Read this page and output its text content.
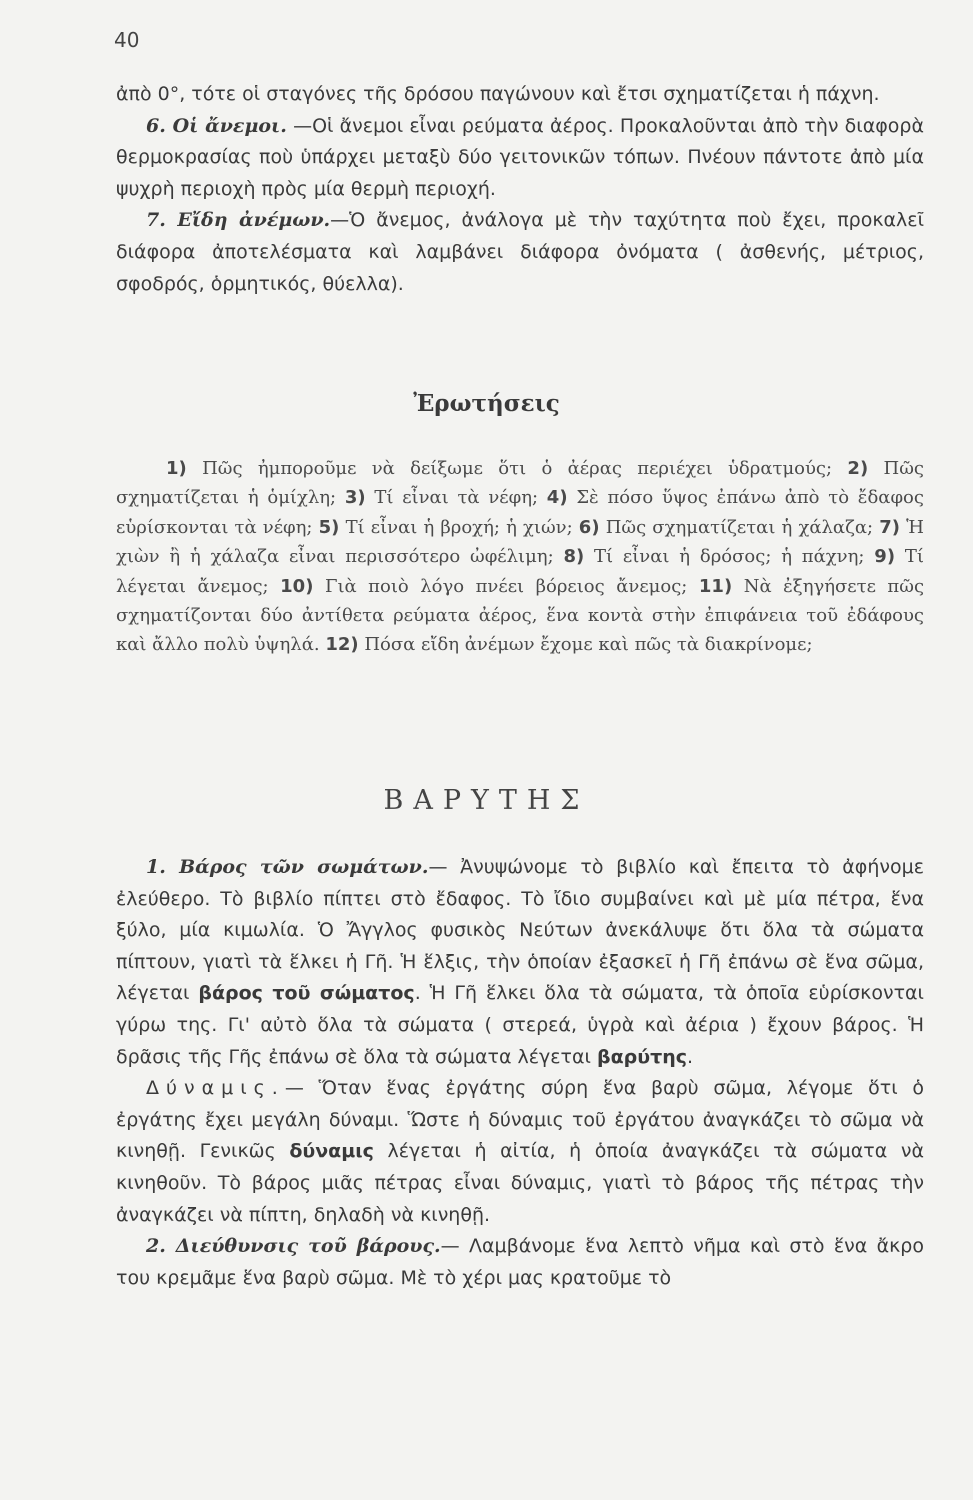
40
ἀπὸ 0°, τότε οἱ σταγόνες τῆς δρόσου παγώνουν καὶ ἔτσι σχηματίζεται ἡ πάχνη.
6. Οἱ ἄνεμοι. —Οἱ ἄνεμοι εἶναι ρεύματα ἀέρος. Προκαλοῦνται ἀπὸ τὴν διαφορὰ θερμοκρασίας ποὺ ὑπάρχει μεταξὺ δύο γειτονικῶν τόπων. Πνέουν πάντοτε ἀπὸ μία ψυχρὴ περιοχὴ πρὸς μία θερμὴ περιοχή.
7. Εἴδη ἀνέμων.—Ὁ ἄνεμος, ἀνάλογα μὲ τὴν ταχύτητα ποὺ ἔχει, προκαλεῖ διάφορα ἀποτελέσματα καὶ λαμβάνει διάφορα ὀνόματα ( ἀσθενής, μέτριος, σφοδρός, ὁρμητικός, θύελλα).
Ἐρωτήσεις
1) Πῶς ἠμποροῦμε νὰ δείξωμε ὅτι ὁ ἀέρας περιέχει ὑδρατμούς; 2) Πῶς σχηματίζεται ἡ ὁμίχλη; 3) Τί εἶναι τὰ νέφη; 4) Σὲ πόσο ὕψος ἐπάνω ἀπὸ τὸ ἔδαφος εὑρίσκονται τὰ νέφη; 5) Τί εἶναι ἡ βροχή; ἡ χιών; 6) Πῶς σχηματίζεται ἡ χάλαζα; 7) Ἡ χιὼν ἢ ἡ χάλαζα εἶναι περισσότερο ὠφέλιμη; 8) Τί εἶναι ἡ δρόσος; ἡ πάχνη; 9) Τί λέγεται ἄνεμος; 10) Γιὰ ποιὸ λόγο πνέει βόρειος ἄνεμος; 11) Νὰ ἐξηγήσετε πῶς σχηματίζονται δύο ἀντίθετα ρεύματα ἀέρος, ἕνα κοντὰ στὴν ἐπιφάνεια τοῦ ἐδάφους καὶ ἄλλο πολὺ ὑψηλά. 12) Πόσα εἴδη ἀνέμων ἔχομε καὶ πῶς τὰ διακρίνομε;
ΒΑΡΥΤΗΣ
1. Βάρος τῶν σωμάτων.— Ἀνυψώνομε τὸ βιβλίο καὶ ἔπειτα τὸ ἀφήνομε ἐλεύθερο. Τὸ βιβλίο πίπτει στὸ ἔδαφος. Τὸ ἴδιο συμβαίνει καὶ μὲ μία πέτρα, ἕνα ξύλο, μία κιμωλία. Ὁ Ἄγγλος φυσικὸς Νεύτων ἀνεκάλυψε ὅτι ὅλα τὰ σώματα πίπτουν, γιατὶ τὰ ἕλκει ἡ Γῆ. Ἡ ἕλξις, τὴν ὁποίαν ἐξασκεῖ ἡ Γῆ ἐπάνω σὲ ἕνα σῶμα, λέγεται βάρος τοῦ σώματος. Ἡ Γῆ ἕλκει ὅλα τὰ σώματα, τὰ ὁποῖα εὑρίσκονται γύρω της. Γι' αὐτὸ ὅλα τὰ σώματα ( στερεά, ὑγρὰ καὶ ἀέρια ) ἔχουν βάρος. Ἡ δρᾶσις τῆς Γῆς ἐπάνω σὲ ὅλα τὰ σώματα λέγεται βαρύτης.
Δύναμις.— Ὅταν ἕνας ἐργάτης σύρη ἕνα βαρὺ σῶμα, λέγομε ὅτι ὁ ἐργάτης ἔχει μεγάλη δύναμι. Ὥστε ἡ δύναμις τοῦ ἐργάτου ἀναγκάζει τὸ σῶμα νὰ κινηθῇ. Γενικῶς δύναμις λέγεται ἡ αἰτία, ἡ ὁποία ἀναγκάζει τὰ σώματα νὰ κινηθοῦν. Τὸ βάρος μιᾶς πέτρας εἶναι δύναμις, γιατὶ τὸ βάρος τῆς πέτρας τὴν ἀναγκάζει νὰ πίπτη, δηλαδὴ νὰ κινηθῇ.
2. Διεύθυνσις τοῦ βάρους.— Λαμβάνομε ἕνα λεπτὸ νῆμα καὶ στὸ ἕνα ἄκρο του κρεμᾶμε ἕνα βαρὺ σῶμα. Μὲ τὸ χέρι μας κρατοῦμε τὸ
